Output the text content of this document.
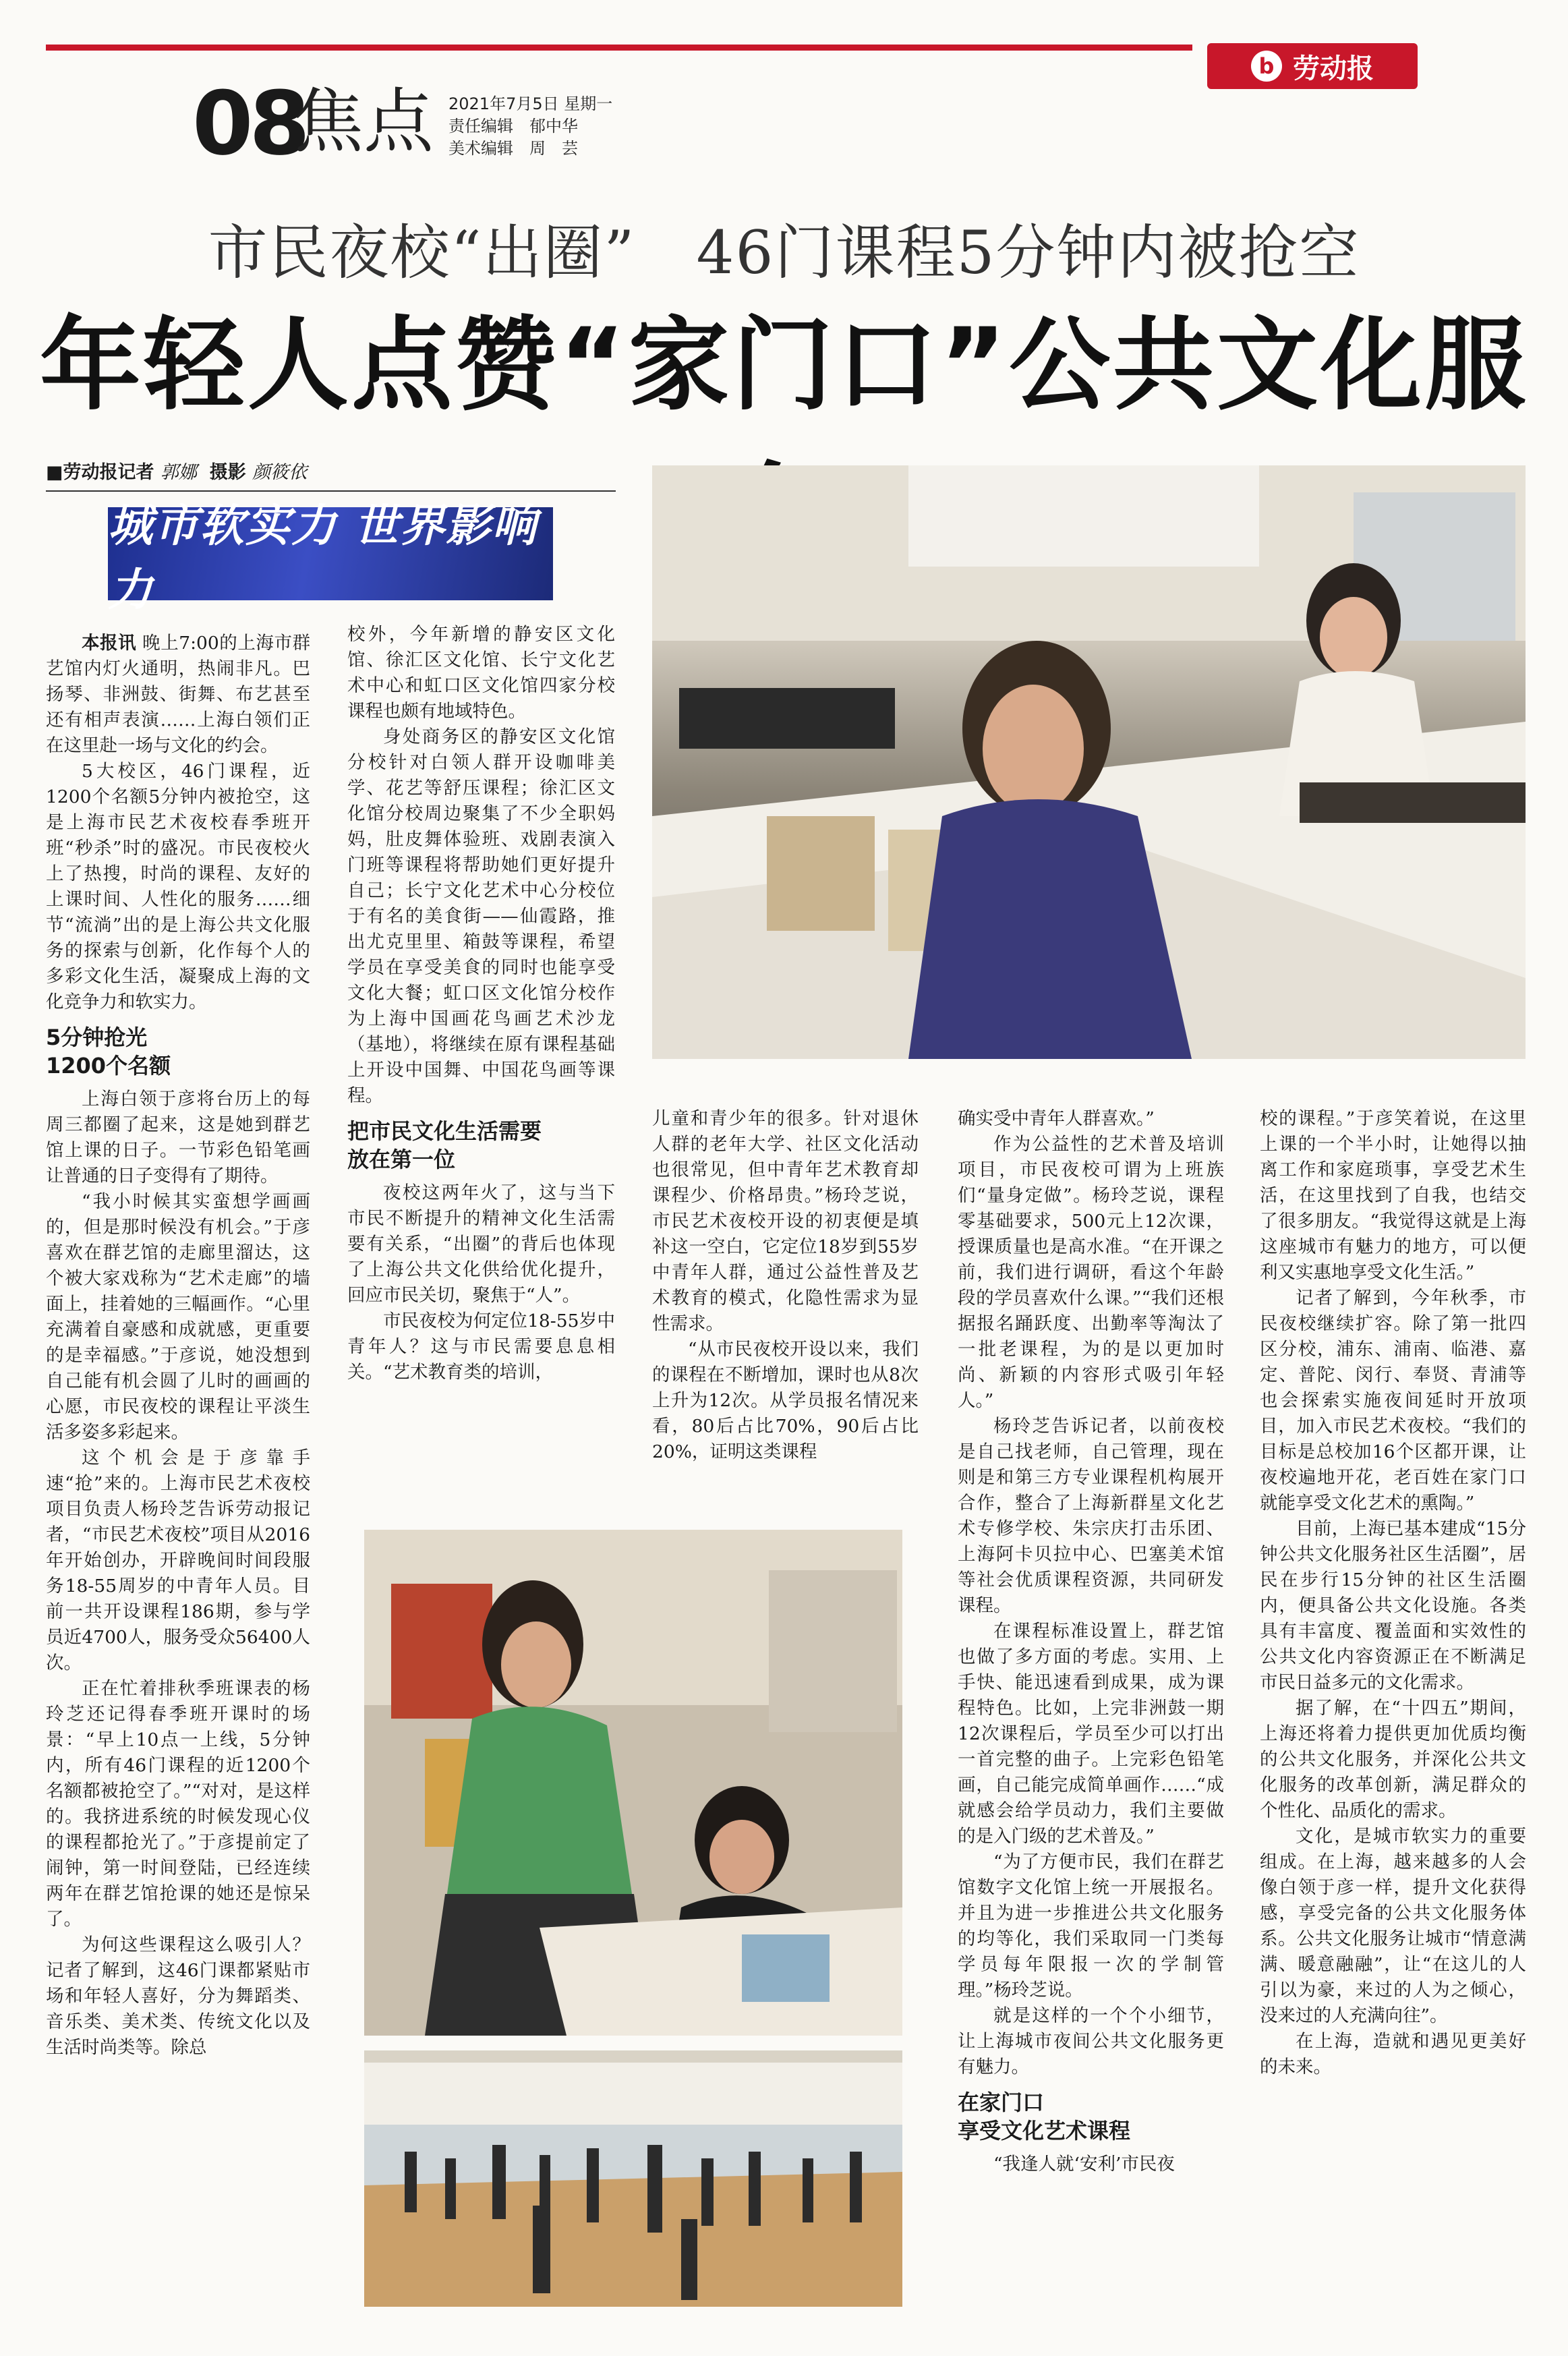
b 劳动报
08
焦点 2021年7月5日 星期一
责任编辑　郁中华
美术编辑　周　芸
市民夜校“出圈”　46门课程5分钟内被抢空
年轻人点赞“家门口”公共文化服
■劳动报记者 郭娜 摄影 颜筱依
城市软实力 世界影响力

本报讯 晚上7:00的上海市群艺馆内灯火通明，热闹非凡。巴扬琴、非洲鼓、街舞、布艺甚至还有相声表演……上海白领们正在这里赴一场与文化的约会。

5大校区，46门课程，近1200个名额5分钟内被抢空，这是上海市民艺术夜校春季班开班“秒杀”时的盛况。市民夜校火上了热搜，时尚的课程、友好的上课时间、人性化的服务……细节“流淌”出的是上海公共文化服务的探索与创新，化作每个人的多彩文化生活，凝聚成上海的文化竞争力和软实力。

5分钟抢光
1200个名额

上海白领于彦将台历上的每周三都圈了起来，这是她到群艺馆上课的日子。一节彩色铅笔画让普通的日子变得有了期待。

“我小时候其实蛮想学画画的，但是那时候没有机会。”于彦喜欢在群艺馆的走廊里溜达，这个被大家戏称为“艺术走廊”的墙面上，挂着她的三幅画作。“心里充满着自豪感和成就感，更重要的是幸福感。”于彦说，她没想到自己能有机会圆了儿时的画画的心愿，市民夜校的课程让平淡生活多姿多彩起来。

这个机会是于彦靠手速“抢”来的。上海市民艺术夜校项目负责人杨玲芝告诉劳动报记者，“市民艺术夜校”项目从2016年开始创办，开辟晚间时间段服务18-55周岁的中青年人员。目前一共开设课程186期，参与学员近4700人，服务受众56400人次。

正在忙着排秋季班课表的杨玲芝还记得春季班开课时的场景：“早上10点一上线，5分钟内，所有46门课程的近1200个名额都被抢空了。”“对对，是这样的。我挤进系统的时候发现心仪的课程都抢光了。”于彦提前定了闹钟，第一时间登陆，已经连续两年在群艺馆抢课的她还是惊呆了。

为何这些课程这么吸引人？记者了解到，这46门课都紧贴市场和年轻人喜好，分为舞蹈类、音乐类、美术类、传统文化以及生活时尚类等。除总

校外，今年新增的静安区文化馆、徐汇区文化馆、长宁文化艺术中心和虹口区文化馆四家分校课程也颇有地域特色。

身处商务区的静安区文化馆分校针对白领人群开设咖啡美学、花艺等舒压课程；徐汇区文化馆分校周边聚集了不少全职妈妈，肚皮舞体验班、戏剧表演入门班等课程将帮助她们更好提升自己；长宁文化艺术中心分校位于有名的美食街——仙霞路，推出尤克里里、箱鼓等课程，希望学员在享受美食的同时也能享受文化大餐；虹口区文化馆分校作为上海中国画花鸟画艺术沙龙（基地），将继续在原有课程基础上开设中国舞、中国花鸟画等课程。

把市民文化生活需要
放在第一位

夜校这两年火了，这与当下市民不断提升的精神文化生活需要有关系，“出圈”的背后也体现了上海公共文化供给优化提升，回应市民关切，聚焦于“人”。

市民夜校为何定位18-55岁中青年人？这与市民需要息息相关。“艺术教育类的培训，

儿童和青少年的很多。针对退休人群的老年大学、社区文化活动也很常见，但中青年艺术教育却课程少、价格昂贵。”杨玲芝说，市民艺术夜校开设的初衷便是填补这一空白，它定位18岁到55岁中青年人群，通过公益性普及艺术教育的模式，化隐性需求为显性需求。

“从市民夜校开设以来，我们的课程在不断增加，课时也从8次上升为12次。从学员报名情况来看，80后占比70%，90后占比20%，证明这类课程

确实受中青年人群喜欢。”

作为公益性的艺术普及培训项目，市民夜校可谓为上班族们“量身定做”。杨玲芝说，课程零基础要求，500元上12次课，授课质量也是高水准。“在开课之前，我们进行调研，看这个年龄段的学员喜欢什么课。”“我们还根据报名踊跃度、出勤率等淘汰了一批老课程，为的是以更加时尚、新颖的内容形式吸引年轻人。”

杨玲芝告诉记者，以前夜校是自己找老师，自己管理，现在则是和第三方专业课程机构展开合作，整合了上海新群星文化艺术专修学校、朱宗庆打击乐团、上海阿卡贝拉中心、巴塞美术馆等社会优质课程资源，共同研发课程。

在课程标准设置上，群艺馆也做了多方面的考虑。实用、上手快、能迅速看到成果，成为课程特色。比如，上完非洲鼓一期12次课程后，学员至少可以打出一首完整的曲子。上完彩色铅笔画，自己能完成简单画作……“成就感会给学员动力，我们主要做的是入门级的艺术普及。”

“为了方便市民，我们在群艺馆数字文化馆上统一开展报名。并且为进一步推进公共文化服务的均等化，我们采取同一门类每学员每年限报一次的学制管理。”杨玲芝说。

就是这样的一个个小细节，让上海城市夜间公共文化服务更有魅力。

在家门口
享受文化艺术课程

“我逢人就‘安利’市民夜

校的课程。”于彦笑着说，在这里上课的一个半小时，让她得以抽离工作和家庭琐事，享受艺术生活，在这里找到了自我，也结交了很多朋友。“我觉得这就是上海这座城市有魅力的地方，可以便利又实惠地享受文化生活。”

记者了解到，今年秋季，市民夜校继续扩容。除了第一批四区分校，浦东、浦南、临港、嘉定、普陀、闵行、奉贤、青浦等也会探索实施夜间延时开放项目，加入市民艺术夜校。“我们的目标是总校加16个区都开课，让夜校遍地开花，老百姓在家门口就能享受文化艺术的熏陶。”

目前，上海已基本建成“15分钟公共文化服务社区生活圈”，居民在步行15分钟的社区生活圈内，便具备公共文化设施。各类具有丰富度、覆盖面和实效性的公共文化内容资源正在不断满足市民日益多元的文化需求。

据了解，在“十四五”期间，上海还将着力提供更加优质均衡的公共文化服务，并深化公共文化服务的改革创新，满足群众的个性化、品质化的需求。

文化，是城市软实力的重要组成。在上海，越来越多的人会像白领于彦一样，提升文化获得感，享受完备的公共文化服务体系。公共文化服务让城市“情意满满、暖意融融”，让“在这儿的人引以为豪，来过的人为之倾心，没来过的人充满向往”。

在上海，造就和遇见更美好的未来。
